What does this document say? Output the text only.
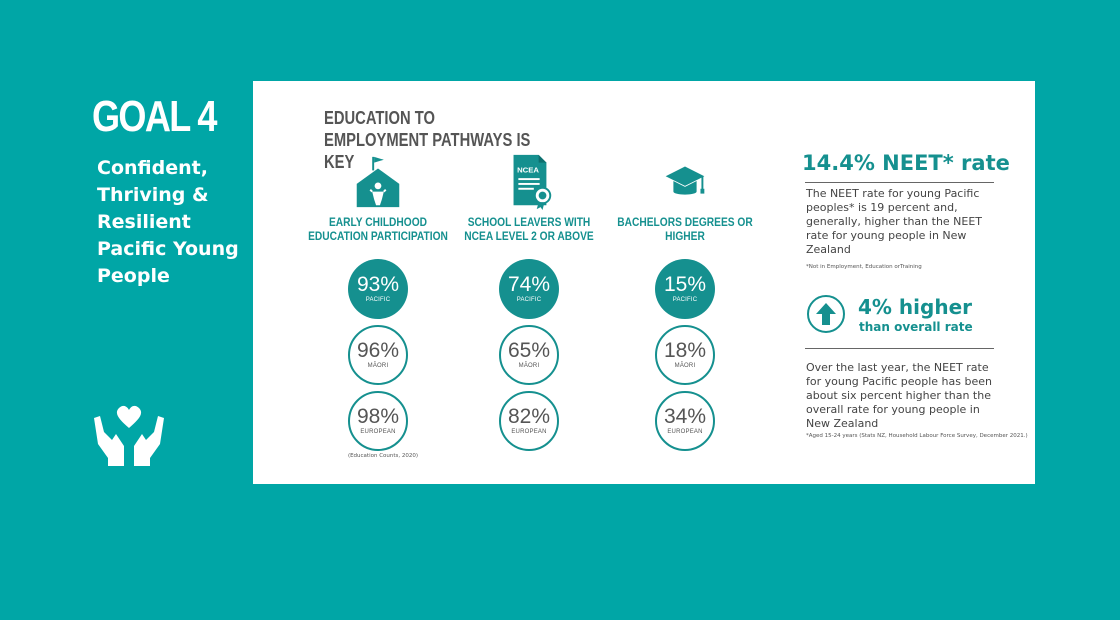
GOAL 4
Confident, Thriving & Resilient Pacific Young People
EDUCATION TO EMPLOYMENT PATHWAYS IS KEY
EARLY CHILDHOOD EDUCATION PARTICIPATION
93%
PACIFIC
96%
MĀORI
98%
EUROPEAN
NCEA
SCHOOL LEAVERS WITH NCEA LEVEL 2 OR ABOVE
74%
PACIFIC
65%
MĀORI
82%
EUROPEAN
BACHELORS DEGREES OR HIGHER
15%
PACIFIC
18%
MĀORI
34%
EUROPEAN
(Education Counts, 2020)
14.4% NEET* rate
The NEET rate for young Pacific peoples* is 19 percent and, generally, higher than the NEET rate for young people in New Zealand
*Not in Employment, Education orTraining
4% higher
than overall rate
Over the last year, the NEET rate for young Pacific people has been about six percent higher than the overall rate for young people in New Zealand
*Aged 15-24 years (Stats NZ, Household Labour Force Survey, December 2021.)
